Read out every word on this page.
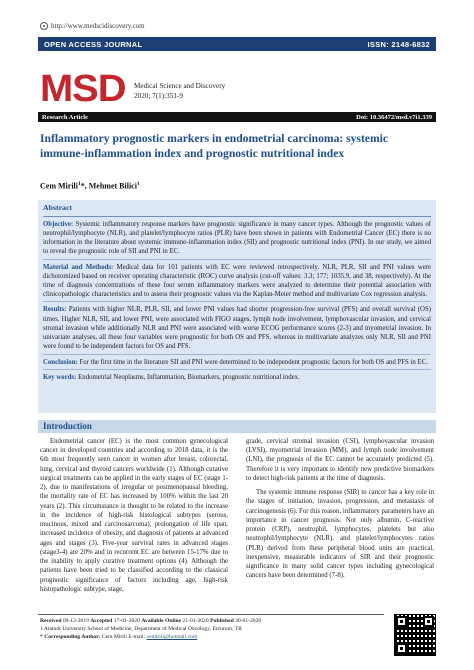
http://www.medscidiscovery.com
OPEN ACCESS JOURNAL	ISSN: 2148-6832
MSD Medical Science and Discovery
2020; 7(1):351-9
Research Article	Doi: 10.36472/msd.v7i1.339
Inflammatory prognostic markers in endometrial carcinoma: systemic immune-inflammation index and prognostic nutritional index
Cem Mirili$^1$*, Mehmet Bilici$^1$
Abstract
Objective: Systemic inflammatory response markers have prognostic significance in many cancer types. Although the prognostic values of neutrophil/lymphocyte (NLR), and platelet/lymphocyte ratios (PLR) have been shown in patients with Endometrial Cancer (EC) there is no information in the literature about systemic immune-inflammation index (SII) and prognostic nutritional index (PNI). In our study, we aimed to reveal the prognostic role of SII and PNI in EC.
Material and Methods: Medical data for 101 patients with EC were reviewed retrospectively. NLR, PLR, SII and PNI values were dichotomized based on receiver operating characteristic (ROC) curve analysis (cut-off values: 3.3; 177; 1035.9, and 38, respectively). At the time of diagnosis concentrations of these four serum inflammatory markers were analyzed to determine their potential association with clinicopathologic characteristics and to assess their prognostic values via the Kaplan-Meier method and multivariate Cox regression analysis.
Results: Patients with higher NLR, PLR, SII, and lower PNI values had shorter progression-free survival (PFS) and overall survival (OS) times. Higher NLR, SII, and lower PNI, were associated with FIGO stages, lymph node involvement, lymphovascular invasion, and cervical stromal invasion while additionally NLR and PNI were associated with worse ECOG performance scores (2-3) and myometrial invasion. In univariate analyses, all these four variables were prognostic for both OS and PFS, whereas in multivariate analyzes only NLR, SII and PNI were found to be independent factors for OS and PFS.
Conclusion: For the first time in the literature SII and PNI were determined to be independent prognostic factors for both OS and PFS in EC.
Key words: Endometrial Neoplasms, Inflammation, Biomarkers, prognostic nutritional index.
Introduction

Endometrial cancer (EC) is the most common gynecological cancer in developed countries and according to 2018 data, it is the 6th most frequently seen cancer in women after breast, colorectal, lung, cervical and thyroid cancers worldwide (1). Although curative surgical treatments can be applied in the early stages of EC (stage 1-2), due to manifestations of irregular or postmenopausal bleeding, the mortality rate of EC has increased by 100% within the last 20 years (2). This circumstance is thought to be related to the increase in the incidence of high-risk histological subtypes (serous, mucinous, mixed and carcinosarcoma), prolongation of life span, increased incidence of obesity, and diagnosis of patients at advanced ages and stages (3). Five-year survival rates in advanced stages (stage3-4) are 20% and in recurrent EC are between 15-17% due to the inability to apply curative treatment options (4). Although the patients have been tried to be classified according to the classical prognostic significance of factors including age, high-risk histopathologic subtype, stage,

grade, cervical stromal invasion (CSI), lymphovascular invasion (LVSI), myometrial invasion (MM), and lymph node involvement (LNI), the prognosis of the EC cannot be accurately predicted (5). Therefore it is very important to identify new predictive biomarkers to detect high-risk patients at the time of diagnosis.

The systemic immune response (SIR) to cancer has a key role in the stages of initiation, invasion, progression, and metastasis of carcinogenesis (6). For this reason, inflammatory parameters have an importance in cancer prognosis. Not only albumin, C-reactive protein (CRP), neutrophil, lymphocytes, platelets but also neutrophil/lymphocyte (NLR), and platelet/lymphocytes ratios (PLR) derived from these peripheral blood units are practical, inexpensive, measurable indicators of SIR and their prognostic significance in many solid cancer types including gynecological cancers have been determined (7-8).

Received 09-12-2019 Accepted 17-01-2020 Available Online 21-01-2020 Published 30-01-2020
1 Ataturk University School of Medicine, Department of Medical Oncology, Erzurum, TR
* Corresponding Author: Cem Mirili E-mail: cemirili@hotmail.com
